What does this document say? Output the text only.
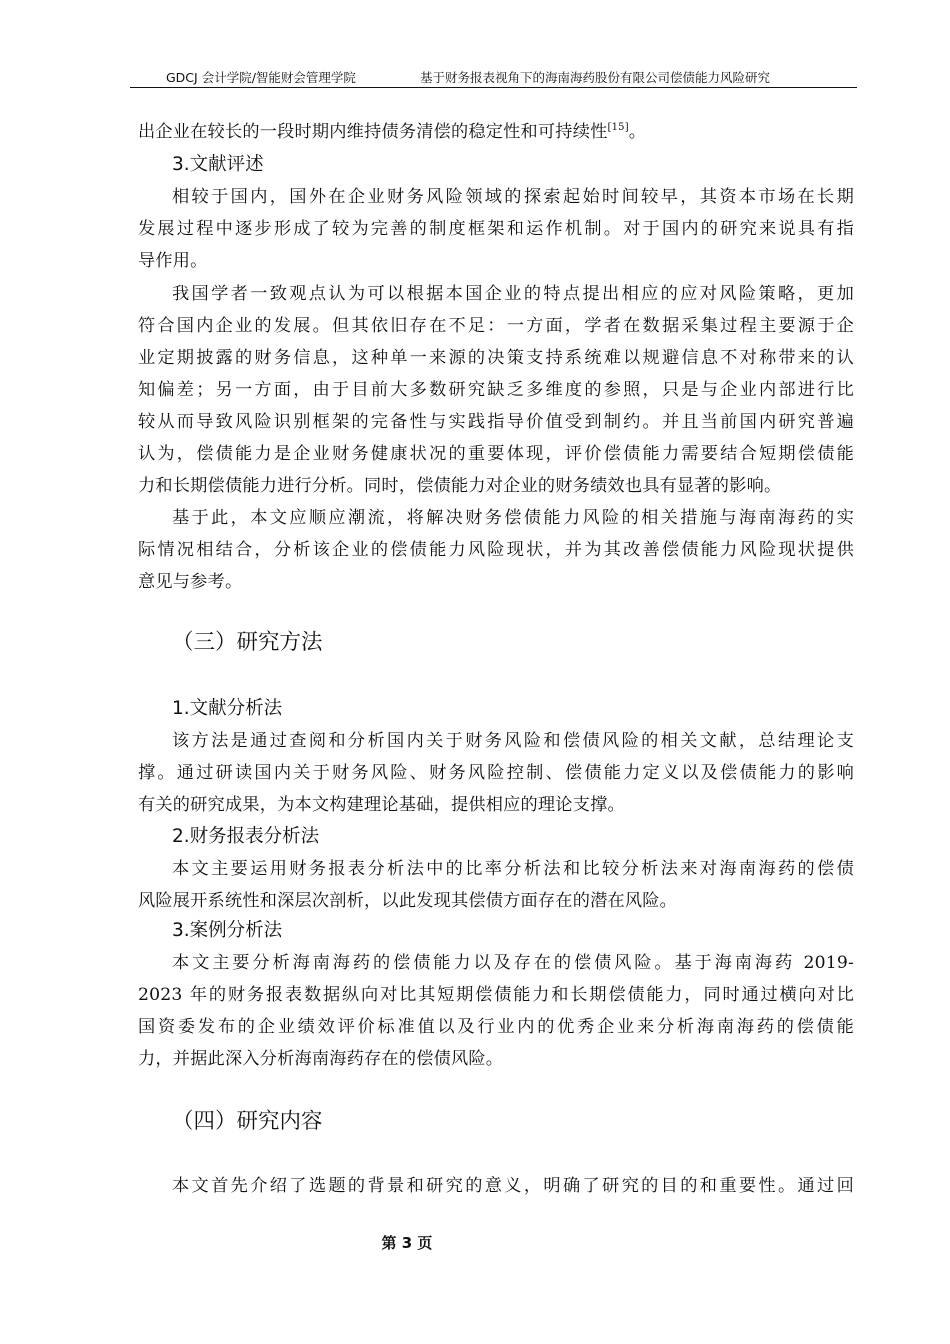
GDCJ 会计学院/智能财会管理学院	基于财务报表视角下的海南海药股份有限公司偿债能力风险研究
出企业在较长的一段时期内维持债务清偿的稳定性和可持续性[15]。
3.文献评述
相较于国内，国外在企业财务风险领域的探索起始时间较早，其资本市场在长期
发展过程中逐步形成了较为完善的制度框架和运作机制。对于国内的研究来说具有指
导作用。
我国学者一致观点认为可以根据本国企业的特点提出相应的应对风险策略，更加
符合国内企业的发展。但其依旧存在不足：一方面，学者在数据采集过程主要源于企
业定期披露的财务信息，这种单一来源的决策支持系统难以规避信息不对称带来的认
知偏差；另一方面，由于目前大多数研究缺乏多维度的参照，只是与企业内部进行比
较从而导致风险识别框架的完备性与实践指导价值受到制约。并且当前国内研究普遍
认为，偿债能力是企业财务健康状况的重要体现，评价偿债能力需要结合短期偿债能
力和长期偿债能力进行分析。同时，偿债能力对企业的财务绩效也具有显著的影响。
基于此，本文应顺应潮流，将解决财务偿债能力风险的相关措施与海南海药的实
际情况相结合，分析该企业的偿债能力风险现状，并为其改善偿债能力风险现状提供
意见与参考。
（三）研究方法
1.文献分析法
该方法是通过查阅和分析国内关于财务风险和偿债风险的相关文献，总结理论支
撑。通过研读国内关于财务风险、财务风险控制、偿债能力定义以及偿债能力的影响
有关的研究成果，为本文构建理论基础，提供相应的理论支撑。
2.财务报表分析法
本文主要运用财务报表分析法中的比率分析法和比较分析法来对海南海药的偿债
风险展开系统性和深层次剖析，以此发现其偿债方面存在的潜在风险。
3.案例分析法
本文主要分析海南海药的偿债能力以及存在的偿债风险。基于海南海药 2019-
2023 年的财务报表数据纵向对比其短期偿债能力和长期偿债能力，同时通过横向对比
国资委发布的企业绩效评价标准值以及行业内的优秀企业来分析海南海药的偿债能
力，并据此深入分析海南海药存在的偿债风险。
（四）研究内容
本文首先介绍了选题的背景和研究的意义，明确了研究的目的和重要性。通过回
第 3 页
